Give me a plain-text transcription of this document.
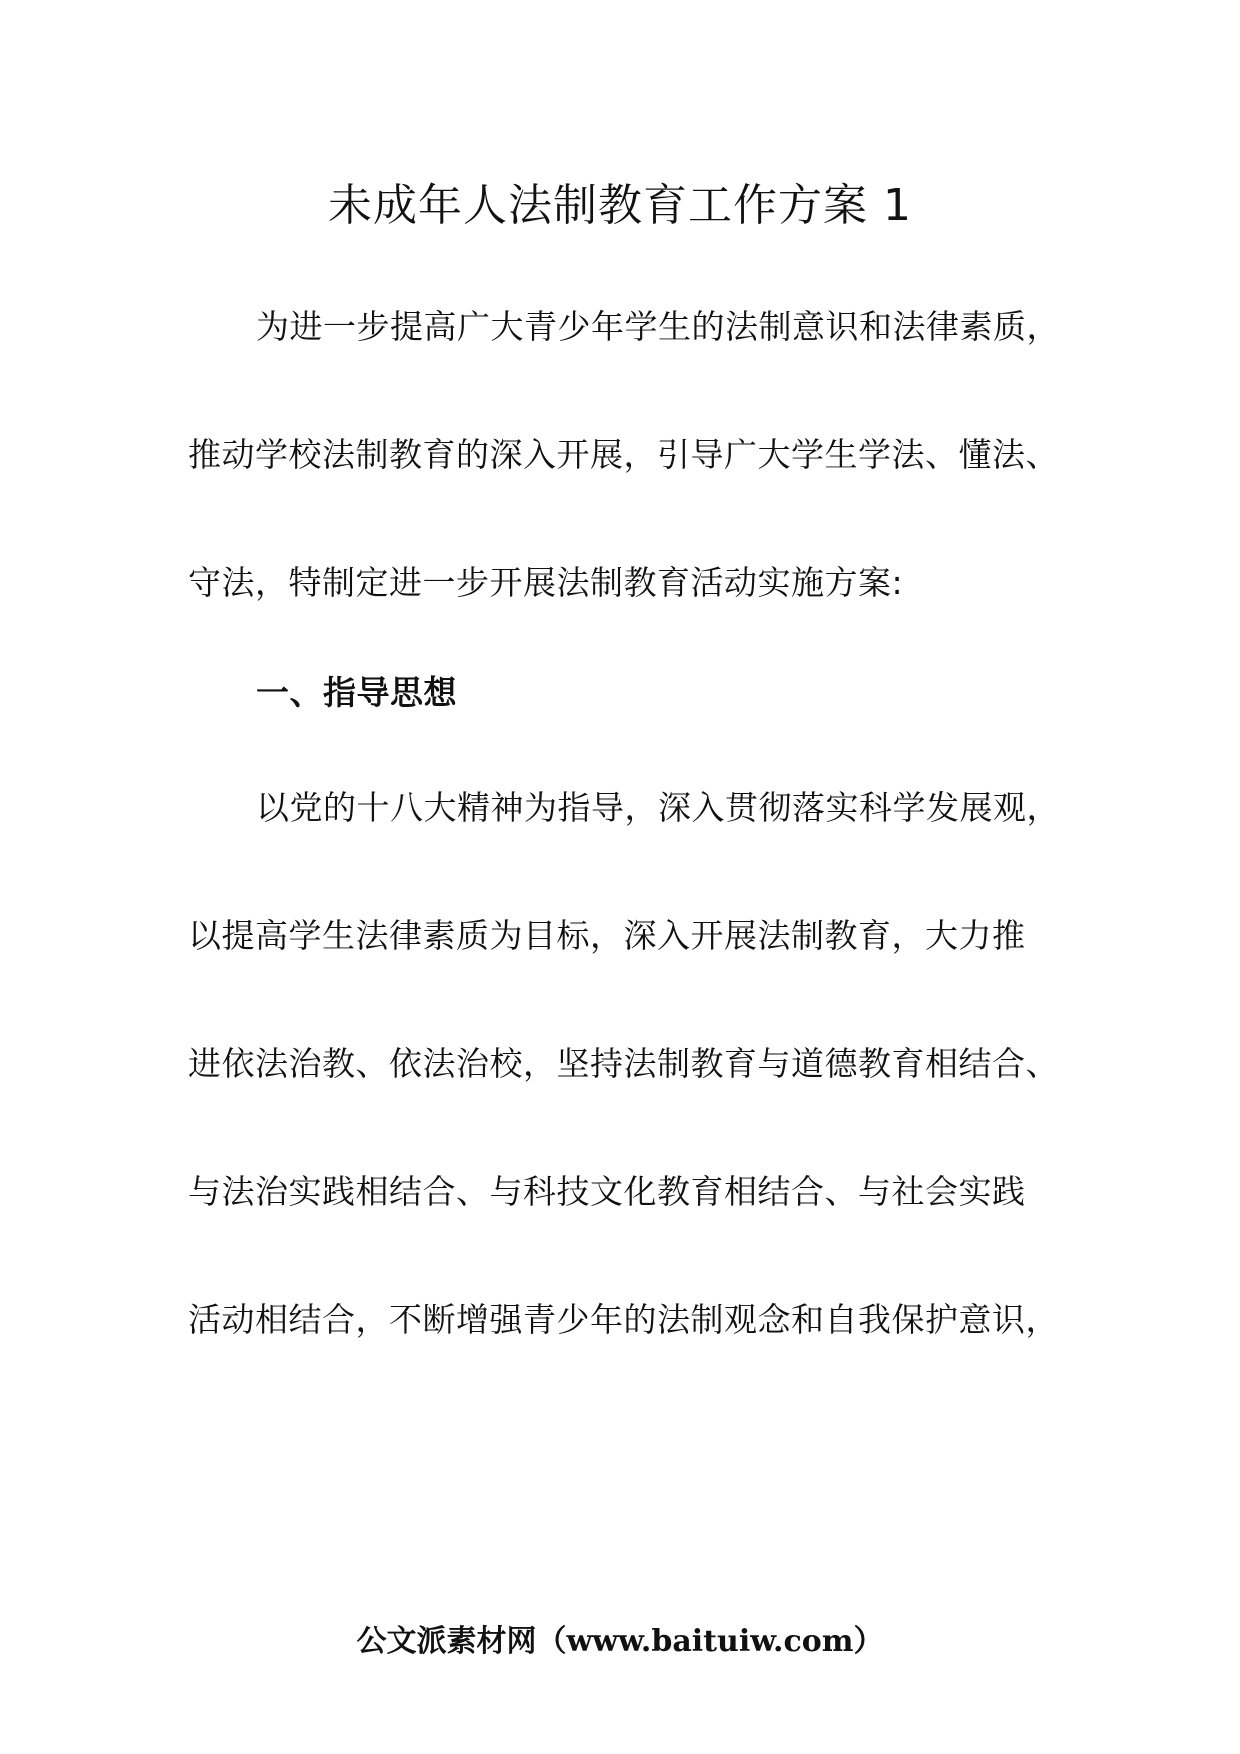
未成年人法制教育工作方案 1
为进一步提高广大青少年学生的法制意识和法律素质，
推动学校法制教育的深入开展，引导广大学生学法、懂法、
守法，特制定进一步开展法制教育活动实施方案:
一、指导思想
以党的十八大精神为指导，深入贯彻落实科学发展观，
以提高学生法律素质为目标，深入开展法制教育，大力推
进依法治教、依法治校，坚持法制教育与道德教育相结合、
与法治实践相结合、与科技文化教育相结合、与社会实践
活动相结合，不断增强青少年的法制观念和自我保护意识，
公文派素材网（www.baituiw.com）
